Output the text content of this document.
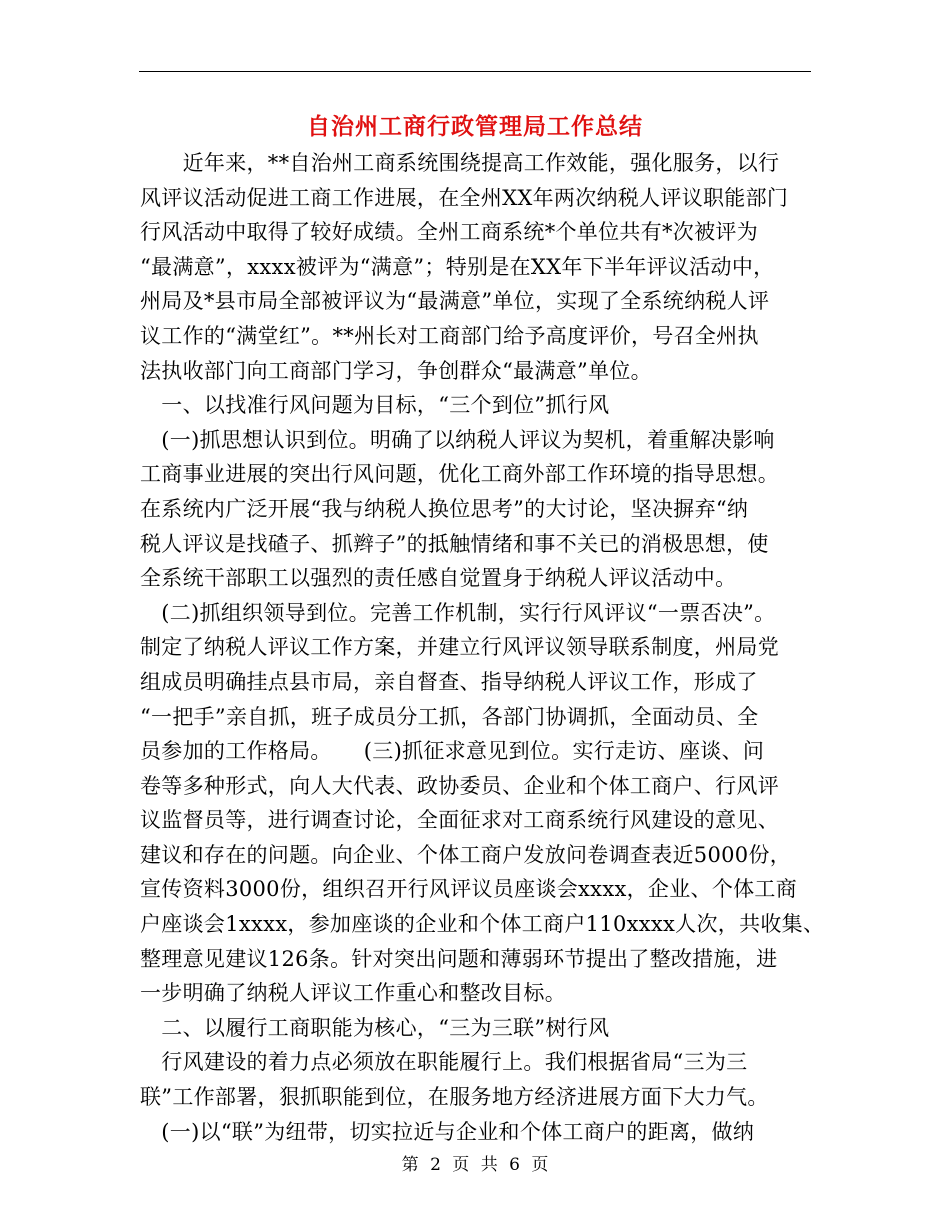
自治州工商行政管理局工作总结
　　近年来，**自治州工商系统围绕提高工作效能，强化服务，以行
风评议活动促进工商工作进展，在全州XX年两次纳税人评议职能部门
行风活动中取得了较好成绩。全州工商系统*个单位共有*次被评为
“最满意”，xxxx被评为“满意”；特别是在XX年下半年评议活动中，
州局及*县市局全部被评议为“最满意”单位，实现了全系统纳税人评
议工作的“满堂红”。**州长对工商部门给予高度评价，号召全州执
法执收部门向工商部门学习，争创群众“最满意”单位。
　一、以找准行风问题为目标，“三个到位”抓行风
　(一)抓思想认识到位。明确了以纳税人评议为契机，着重解决影响
工商事业进展的突出行风问题，优化工商外部工作环境的指导思想。
在系统内广泛开展“我与纳税人换位思考”的大讨论，坚决摒弃“纳
税人评议是找碴子、抓辫子”的抵触情绪和事不关已的消极思想，使
全系统干部职工以强烈的责任感自觉置身于纳税人评议活动中。
　(二)抓组织领导到位。完善工作机制，实行行风评议“一票否决”。
制定了纳税人评议工作方案，并建立行风评议领导联系制度，州局党
组成员明确挂点县市局，亲自督查、指导纳税人评议工作，形成了
“一把手”亲自抓，班子成员分工抓，各部门协调抓，全面动员、全
员参加的工作格局。　　(三)抓征求意见到位。实行走访、座谈、问
卷等多种形式，向人大代表、政协委员、企业和个体工商户、行风评
议监督员等，进行调查讨论，全面征求对工商系统行风建设的意见、
建议和存在的问题。向企业、个体工商户发放问卷调查表近5000份，
宣传资料3000份，组织召开行风评议员座谈会xxxx，企业、个体工商
户座谈会1xxxx，参加座谈的企业和个体工商户110xxxx人次，共收集、
整理意见建议126条。针对突出问题和薄弱环节提出了整改措施，进
一步明确了纳税人评议工作重心和整改目标。
　二、以履行工商职能为核心，“三为三联”树行风
　行风建设的着力点必须放在职能履行上。我们根据省局“三为三
联”工作部署，狠抓职能到位，在服务地方经济进展方面下大力气。
　(一)以“联”为纽带，切实拉近与企业和个体工商户的距离，做纳
第 2 页 共 6 页
